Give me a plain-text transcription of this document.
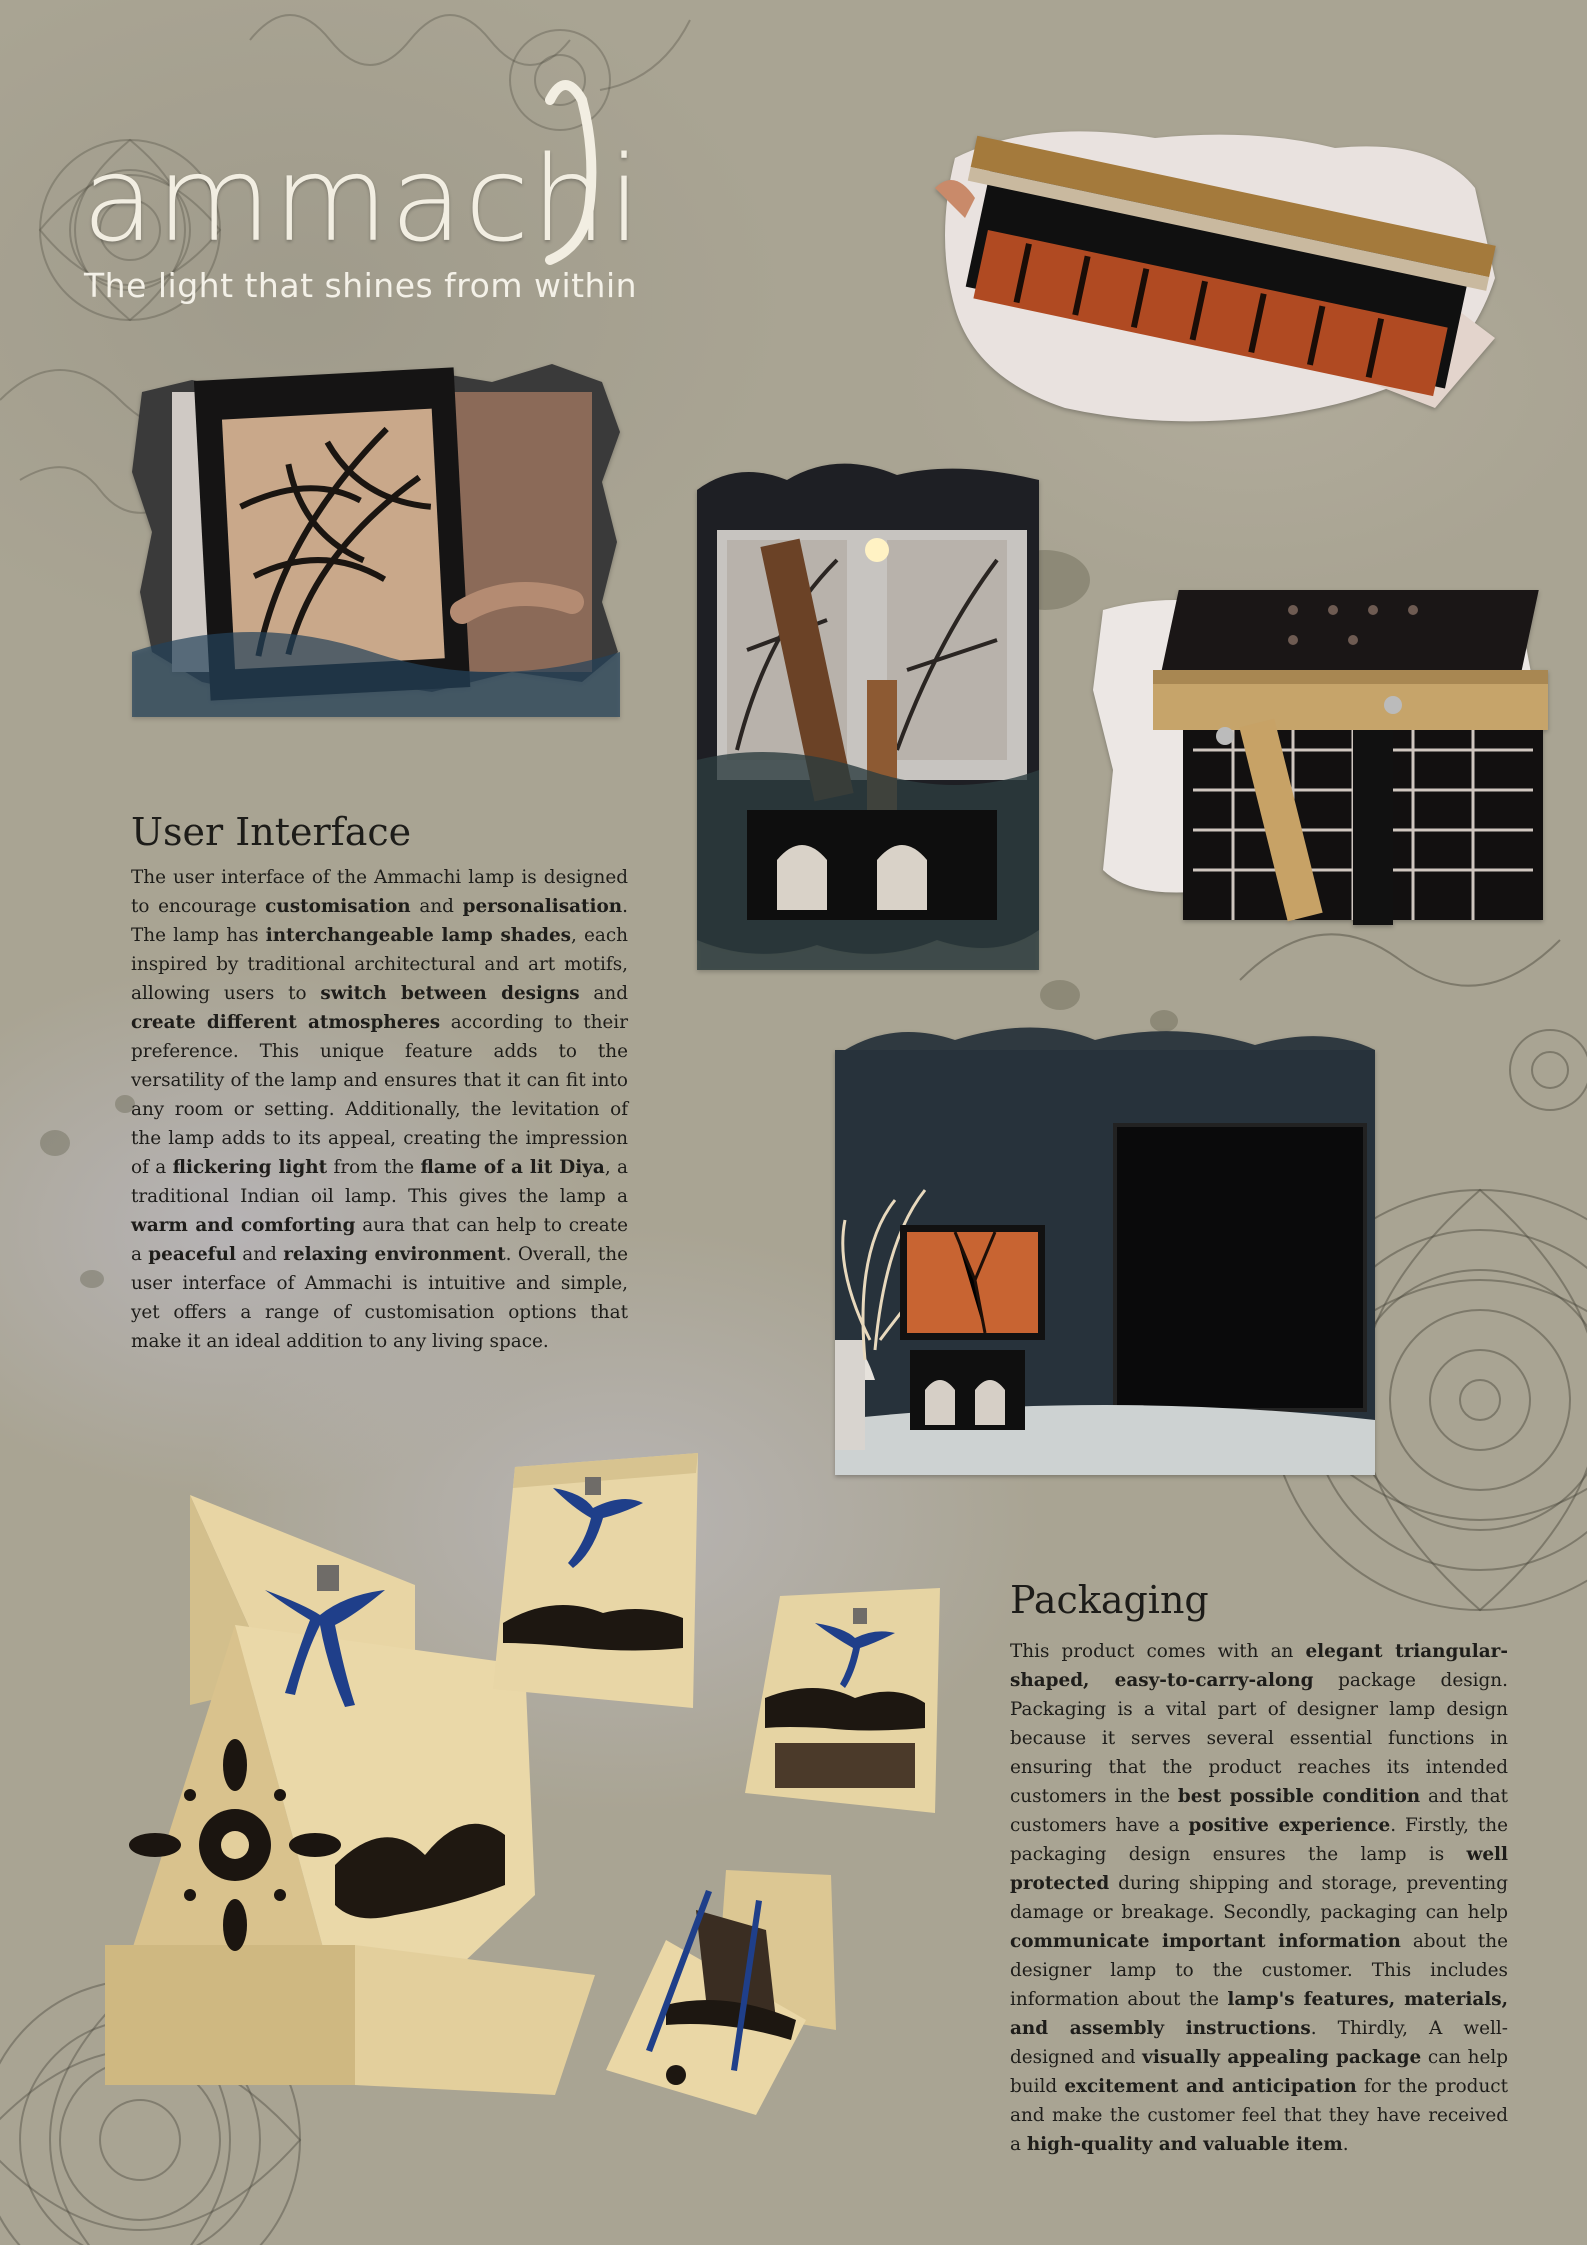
ammachi
The light that shines from within
User Interface
The user interface of the Ammachi lamp is designed to encourage customisation and personalisation. The lamp has interchangeable lamp shades, each inspired by traditional architectural and art motifs, allowing users to switch between designs and create different atmospheres according to their preference. This unique feature adds to the versatility of the lamp and ensures that it can fit into any room or setting. Additionally, the levitation of the lamp adds to its appeal, creating the impression of a flickering light from the flame of a lit Diya, a traditional Indian oil lamp. This gives the lamp a warm and comforting aura that can help to create a peaceful and relaxing environment. Overall, the user interface of Ammachi is intuitive and simple, yet offers a range of customisation options that make it an ideal addition to any living space.
Packaging
This product comes with an elegant triangular-shaped, easy-to-carry-along package design. Packaging is a vital part of designer lamp design because it serves several essential functions in ensuring that the product reaches its intended customers in the best possible condition and that customers have a positive experience. Firstly, the packaging design ensures the lamp is well protected during shipping and storage, preventing damage or breakage. Secondly, packaging can help communicate important information about the designer lamp to the customer. This includes information about the lamp's features, materials, and assembly instructions. Thirdly, A well-designed and visually appealing package can help build excitement and anticipation for the product and make the customer feel that they have received a high-quality and valuable item.
